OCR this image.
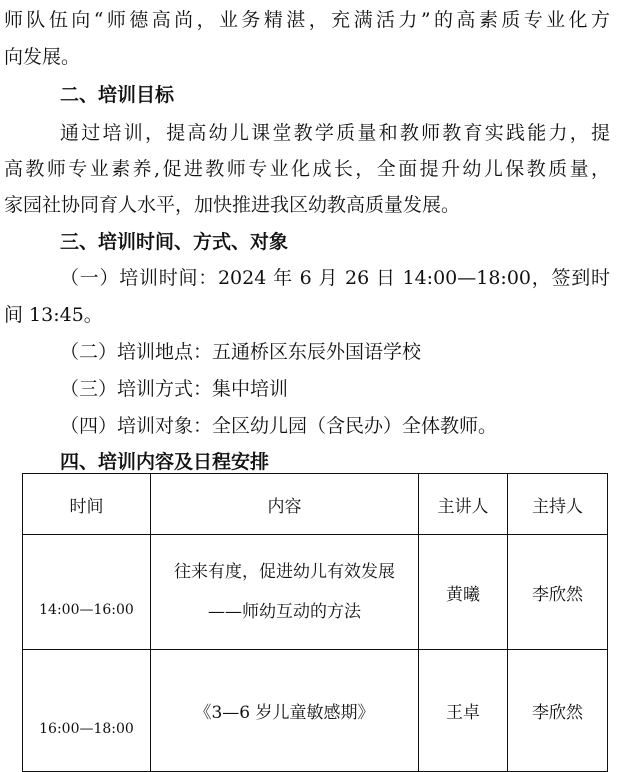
师队伍向“师德高尚，业务精湛，充满活力”的高素质专业化方
向发展。
二、培训目标
通过培训，提高幼儿课堂教学质量和教师教育实践能力，提
高教师专业素养,促进教师专业化成长，全面提升幼儿保教质量，
家园社协同育人水平，加快推进我区幼教高质量发展。
三、培训时间、方式、对象
（一）培训时间：2024 年 6 月 26 日 14:00—18:00，签到时
间 13:45。
（二）培训地点：五通桥区东辰外国语学校
（三）培训方式：集中培训
（四）培训对象：全区幼儿园（含民办）全体教师。
四、培训内容及日程安排
时间	内容	主讲人	主持人
14:00—16:00	往来有度，促进幼儿有效发展
——师幼互动的方法	黄曦	李欣然
16:00—18:00	《3—6 岁儿童敏感期》	王卓	李欣然
